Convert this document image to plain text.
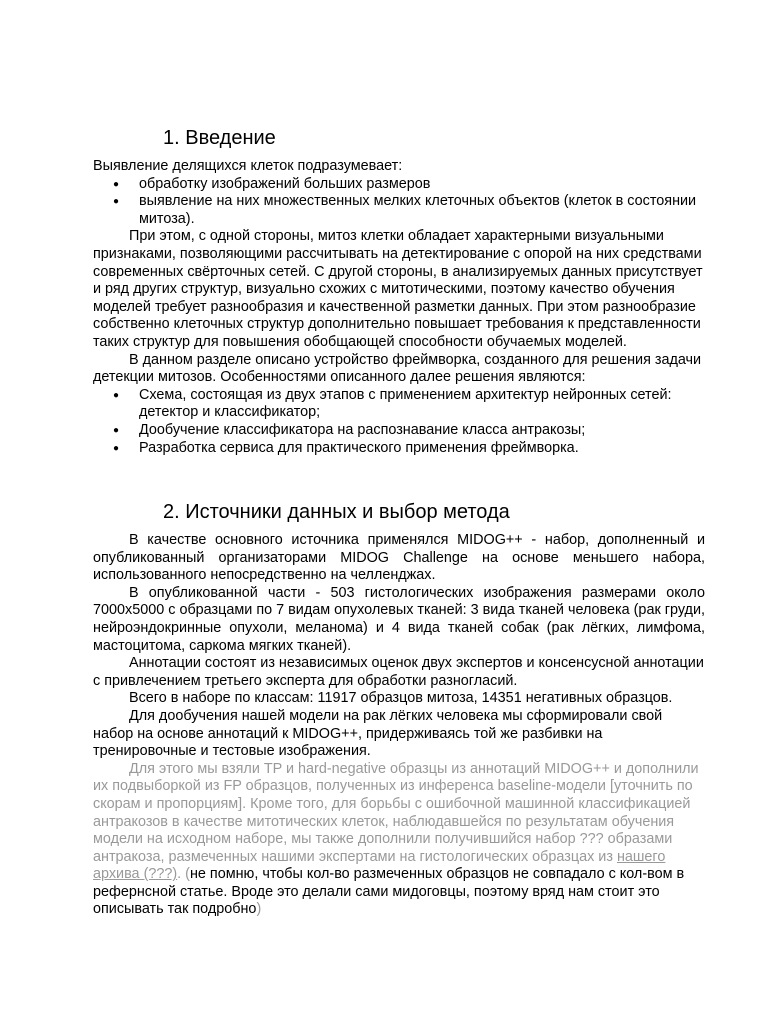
1. Введение

Выявление делящихся клеток подразумевает:

● обработку изображений больших размеров
● выявление на них множественных мелких клеточных объектов (клеток в состоянии митоза).

При этом, с одной стороны, митоз клетки обладает характерными визуальными признаками, позволяющими рассчитывать на детектирование с опорой на них средствами современных свёрточных сетей. С другой стороны, в анализируемых данных присутствует и ряд других структур, визуально схожих с митотическими, поэтому качество обучения моделей требует разнообразия и качественной разметки данных. При этом разнообразие собственно клеточных структур дополнительно повышает требования к представленности таких структур для повышения обобщающей способности обучаемых моделей.

В данном разделе описано устройство фреймворка, созданного для решения задачи детекции митозов. Особенностями описанного далее решения являются:

● Схема, состоящая из двух этапов с применением архитектур нейронных сетей: детектор и классификатор;
● Дообучение классификатора на распознавание класса антракозы;
● Разработка сервиса для практического применения фреймворка.
2. Источники данных и выбор метода

В качестве основного источника применялся MIDOG++ - набор, дополненный и опубликованный организаторами MIDOG Challenge на основе меньшего набора, использованного непосредственно на челленджах.

В опубликованной части - 503 гистологических изображения размерами около 7000x5000 с образцами по 7 видам опухолевых тканей: 3 вида тканей человека (рак груди, нейроэндокринные опухоли, меланома) и 4 вида тканей собак (рак лёгких, лимфома, мастоцитома, саркома мягких тканей).

Аннотации состоят из независимых оценок двух экспертов и консенсусной аннотации с привлечением третьего эксперта для обработки разногласий.

Всего в наборе по классам: 11917 образцов митоза, 14351 негативных образцов.

Для дообучения нашей модели на рак лёгких человека мы сформировали свой набор на основе аннотаций к MIDOG++, придерживаясь той же разбивки на тренировочные и тестовые изображения.

Для этого мы взяли TP и hard-negative образцы из аннотаций MIDOG++ и дополнили их подвыборкой из FP образцов, полученных из инференса baseline-модели [уточнить по скорам и пропорциям]. Кроме того, для борьбы с ошибочной машинной классификацией антракозов в качестве митотических клеток, наблюдавшейся по результатам обучения модели на исходном наборе, мы также дополнили получившийся набор ??? образами антракоза, размеченных нашими экспертами на гистологических образцах из нашего архива (???). (не помню, чтобы кол-во размеченных образцов не совпадало с кол-вом в рефернсной статье. Вроде это делали сами мидоговцы, поэтому вряд нам стоит это описывать так подробно)
